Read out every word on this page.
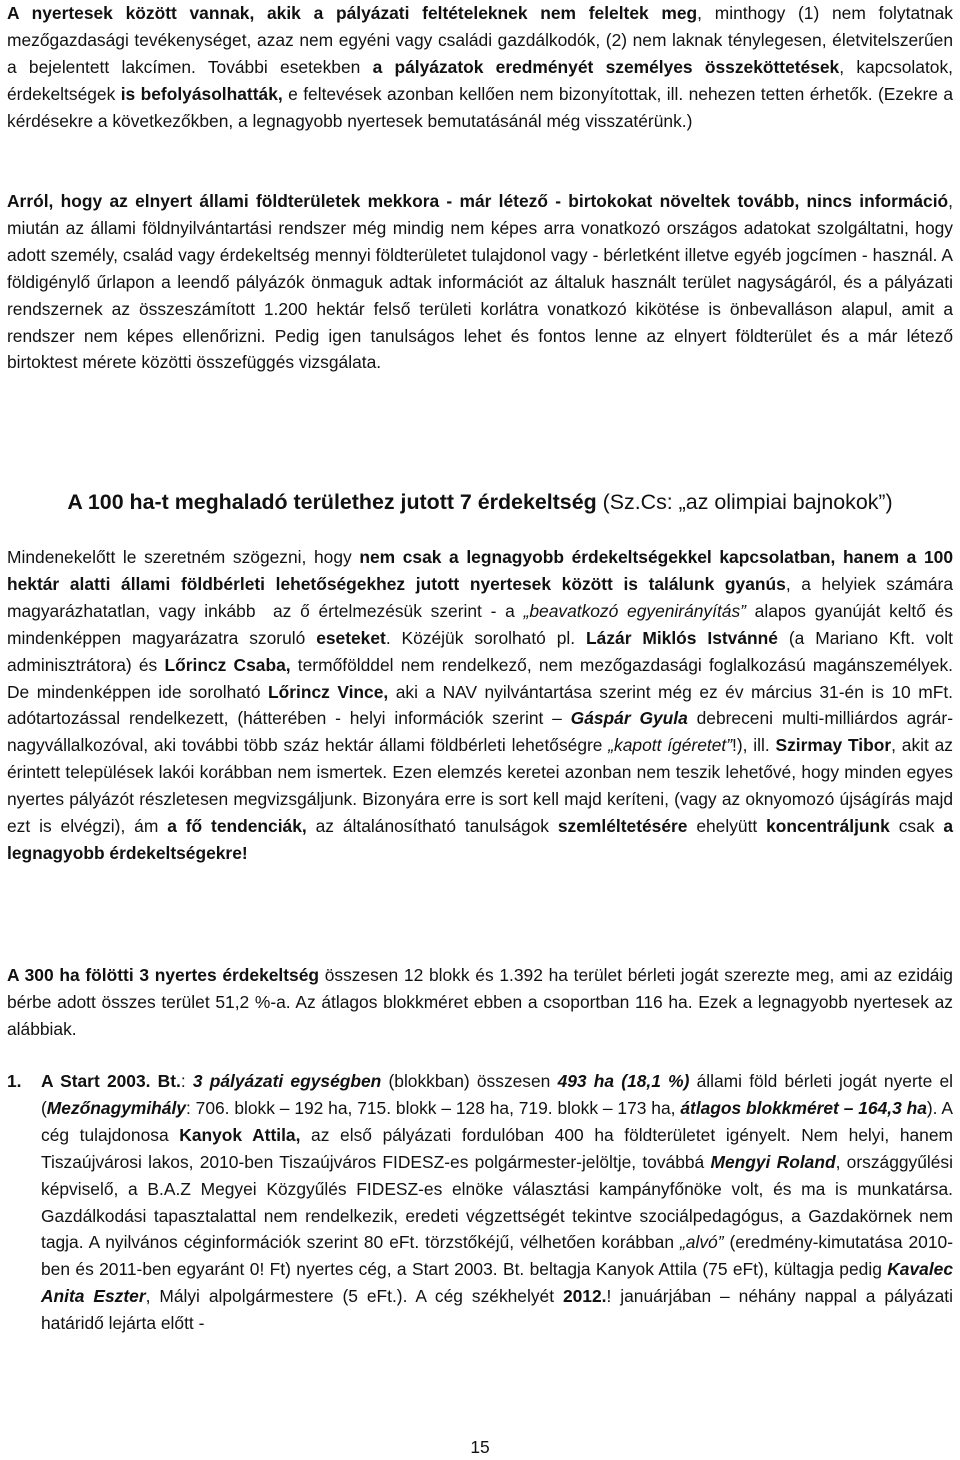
A nyertesek között vannak, akik a pályázati feltételeknek nem feleltek meg, minthogy (1) nem folytatnak mezőgazdasági tevékenységet, azaz nem egyéni vagy családi gazdálkodók, (2) nem laknak ténylegesen, életvitelszerűen a bejelentett lakcímen. További esetekben a pályázatok eredményét személyes összeköttetések, kapcsolatok, érdekeltségek is befolyásolhatták, e feltevések azonban kellően nem bizonyítottak, ill. nehezen tetten érhetők. (Ezekre a kérdésekre a következőkben, a legnagyobb nyertesek bemutatásánál még visszatérünk.)

Arról, hogy az elnyert állami földterületek mekkora - már létező - birtokokat növeltek tovább, nincs információ, miután az állami földnyilvántartási rendszer még mindig nem képes arra vonatkozó országos adatokat szolgáltatni, hogy adott személy, család vagy érdekeltség mennyi földterületet tulajdonol vagy - bérletként illetve egyéb jogcímen - használ. A földigénylő űrlapon a leendő pályázók önmaguk adtak információt az általuk használt terület nagyságáról, és a pályázati rendszernek az összeszámított 1.200 hektár felső területi korlátra vonatkozó kikötése is önbevalláson alapul, amit a rendszer nem képes ellenőrizni. Pedig igen tanulságos lehet és fontos lenne az elnyert földterület és a már létező birtoktest mérete közötti összefüggés vizsgálata.

Mindenekelőtt le szeretném szögezni, hogy nem csak a legnagyobb érdekeltségekkel kapcsolatban, hanem a 100 hektár alatti állami földbérleti lehetőségekhez jutott nyertesek között is találunk gyanús, a helyiek számára magyarázhatatlan, vagy inkább  az ő értelmezésük szerint - a „beavatkozó egyenirányítás” alapos gyanúját keltő és mindenképpen magyarázatra szoruló eseteket. Közéjük sorolható pl. Lázár Miklós Istvánné (a Mariano Kft. volt adminisztrátora) és Lőrincz Csaba, termőfölddel nem rendelkező, nem mezőgazdasági foglalkozású magánszemélyek. De mindenképpen ide sorolható Lőrincz Vince, aki a NAV nyilvántartása szerint még ez év március 31-én is 10 mFt. adótartozással rendelkezett, (hátterében - helyi információk szerint – Gáspár Gyula debreceni multi-milliárdos agrár-nagyvállalkozóval, aki további több száz hektár állami földbérleti lehetőségre „kapott ígéretet”!), ill. Szirmay Tibor, akit az érintett települések lakói korábban nem ismertek. Ezen elemzés keretei azonban nem teszik lehetővé, hogy minden egyes nyertes pályázót részletesen megvizsgáljunk. Bizonyára erre is sort kell majd keríteni, (vagy az oknyomozó újságírás majd ezt is elvégzi), ám a fő tendenciák, az általánosítható tanulságok szemléltetésére ehelyütt koncentráljunk csak a legnagyobb érdekeltségekre!

A 300 ha fölötti 3 nyertes érdekeltség összesen 12 blokk és 1.392 ha terület bérleti jogát szerezte meg, ami az ezidáig bérbe adott összes terület 51,2 %-a. Az átlagos blokkméret ebben a csoportban 116 ha. Ezek a legnagyobb nyertesek az alábbiak.

A 100 ha-t meghaladó területhez jutott 7 érdekeltség (Sz.Cs: „az olimpiai bajnokok”)
1.	A Start 2003. Bt.: 3 pályázati egységben (blokkban) összesen 493 ha (18,1 %) állami föld bérleti jogát nyerte el (Mezőnagymihály: 706. blokk – 192 ha, 715. blokk – 128 ha, 719. blokk – 173 ha, átlagos blokkméret – 164,3 ha). A cég tulajdonosa Kanyok Attila, az első pályázati fordulóban 400 ha földterületet igényelt. Nem helyi, hanem Tiszaújvárosi lakos, 2010-ben Tiszaújváros FIDESZ-es polgármester-jelöltje, továbbá Mengyi Roland, országgyűlési képviselő, a B.A.Z Megyei Közgyűlés FIDESZ-es elnöke választási kampányfőnöke volt, és ma is munkatársa. Gazdálkodási tapasztalattal nem rendelkezik, eredeti végzettségét tekintve szociálpedagógus, a Gazdakörnek nem tagja. A nyilvános céginformációk szerint 80 eFt. törzstőkéjű, vélhetően korábban „alvó” (eredmény-kimutatása 2010-ben és 2011-ben egyaránt 0! Ft) nyertes cég, a Start 2003. Bt. beltagja Kanyok Attila (75 eFt), kültagja pedig Kavalec Anita Eszter, Mályi alpolgármestere (5 eFt.). A cég székhelyét 2012.! januárjában – néhány nappal a pályázati határidő lejárta előtt -
15
